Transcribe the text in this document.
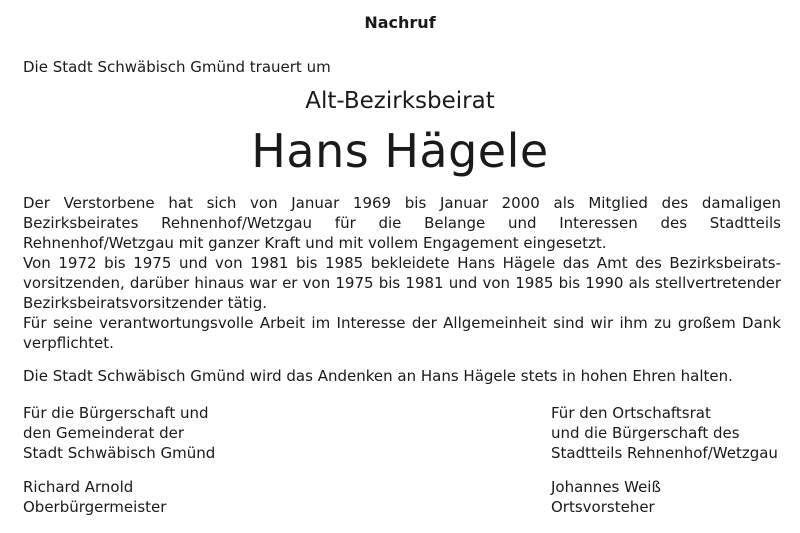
Nachruf
Die Stadt Schwäbisch Gmünd trauert um
Alt-Bezirksbeirat
Hans Hägele

Der Verstorbene hat sich von Januar 1969 bis Januar 2000 als Mitglied des damaligen Bezirksbeirates Rehnenhof/Wetzgau für die Belange und Interessen des Stadtteils Rehnenhof/Wetzgau mit ganzer Kraft und mit vollem Engagement eingesetzt.

Von 1972 bis 1975 und von 1981 bis 1985 bekleidete Hans Hägele das Amt des Bezirksbeiratsvorsitzenden, darüber hinaus war er von 1975 bis 1981 und von 1985 bis 1990 als stellvertretender Bezirksbeiratsvorsitzender tätig.

Für seine verantwortungsvolle Arbeit im Interesse der Allgemeinheit sind wir ihm zu großem Dank verpflichtet.

Die Stadt Schwäbisch Gmünd wird das Andenken an Hans Hägele stets in hohen Ehren halten.
Für die Bürgerschaft und
den Gemeinderat der
Stadt Schwäbisch Gmünd
Richard Arnold
Oberbürgermeister
Für den Ortschaftsrat
und die Bürgerschaft des
Stadtteils Rehnenhof/Wetzgau
Johannes Weiß
Ortsvorsteher
